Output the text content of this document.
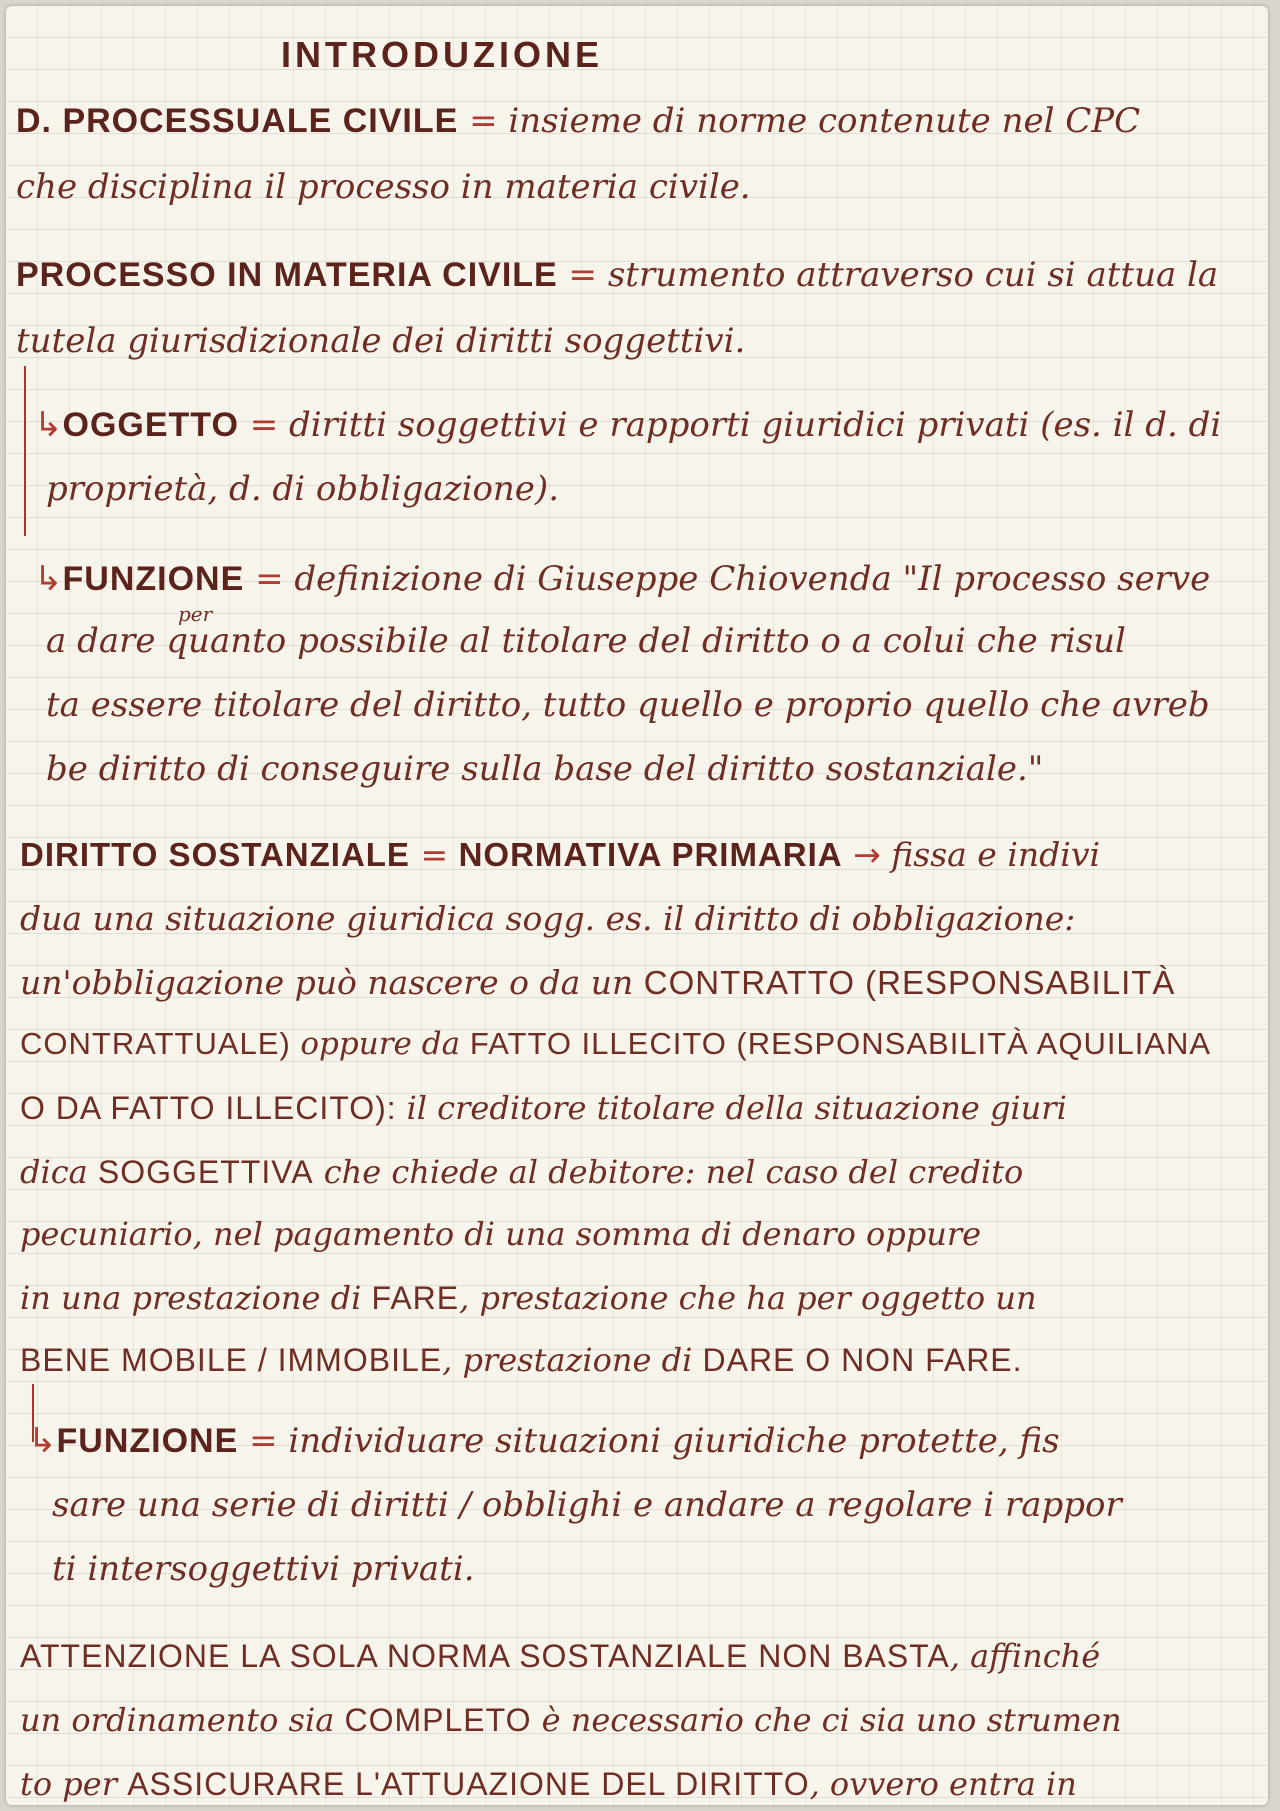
INTRODUZIONE
D. PROCESSUALE CIVILE = insieme di norme contenute nel CPC
che disciplina il processo in materia civile.
PROCESSO IN MATERIA CIVILE = strumento attraverso cui si attua la
tutela giurisdizionale dei diritti soggettivi.
↳OGGETTO = diritti soggettivi e rapporti giuridici privati (es. il d. di
proprietà, d. di obbligazione).
↳FUNZIONE = definizione di Giuseppe Chiovenda "Il processo serve
per
a dare quanto possibile al titolare del diritto o a colui che risul
ta essere titolare del diritto, tutto quello e proprio quello che avreb
be diritto di conseguire sulla base del diritto sostanziale."
DIRITTO SOSTANZIALE = NORMATIVA PRIMARIA → fissa e indivi
dua una situazione giuridica sogg. es. il diritto di obbligazione:
un'obbligazione può nascere o da un CONTRATTO (RESPONSABILITÀ
CONTRATTUALE) oppure da FATTO ILLECITO (RESPONSABILITÀ AQUILIANA
O DA FATTO ILLECITO): il creditore titolare della situazione giuri
dica SOGGETTIVA che chiede al debitore: nel caso del credito
pecuniario, nel pagamento di una somma di denaro oppure
in una prestazione di FARE, prestazione che ha per oggetto un
BENE MOBILE / IMMOBILE, prestazione di DARE O NON FARE.
↳FUNZIONE = individuare situazioni giuridiche protette, fis
sare una serie di diritti / obblighi e andare a regolare i rappor
ti intersoggettivi privati.
ATTENZIONE LA SOLA NORMA SOSTANZIALE NON BASTA, affinché
un ordinamento sia COMPLETO è necessario che ci sia uno strumen
to per ASSICURARE L'ATTUAZIONE DEL DIRITTO, ovvero entra in
